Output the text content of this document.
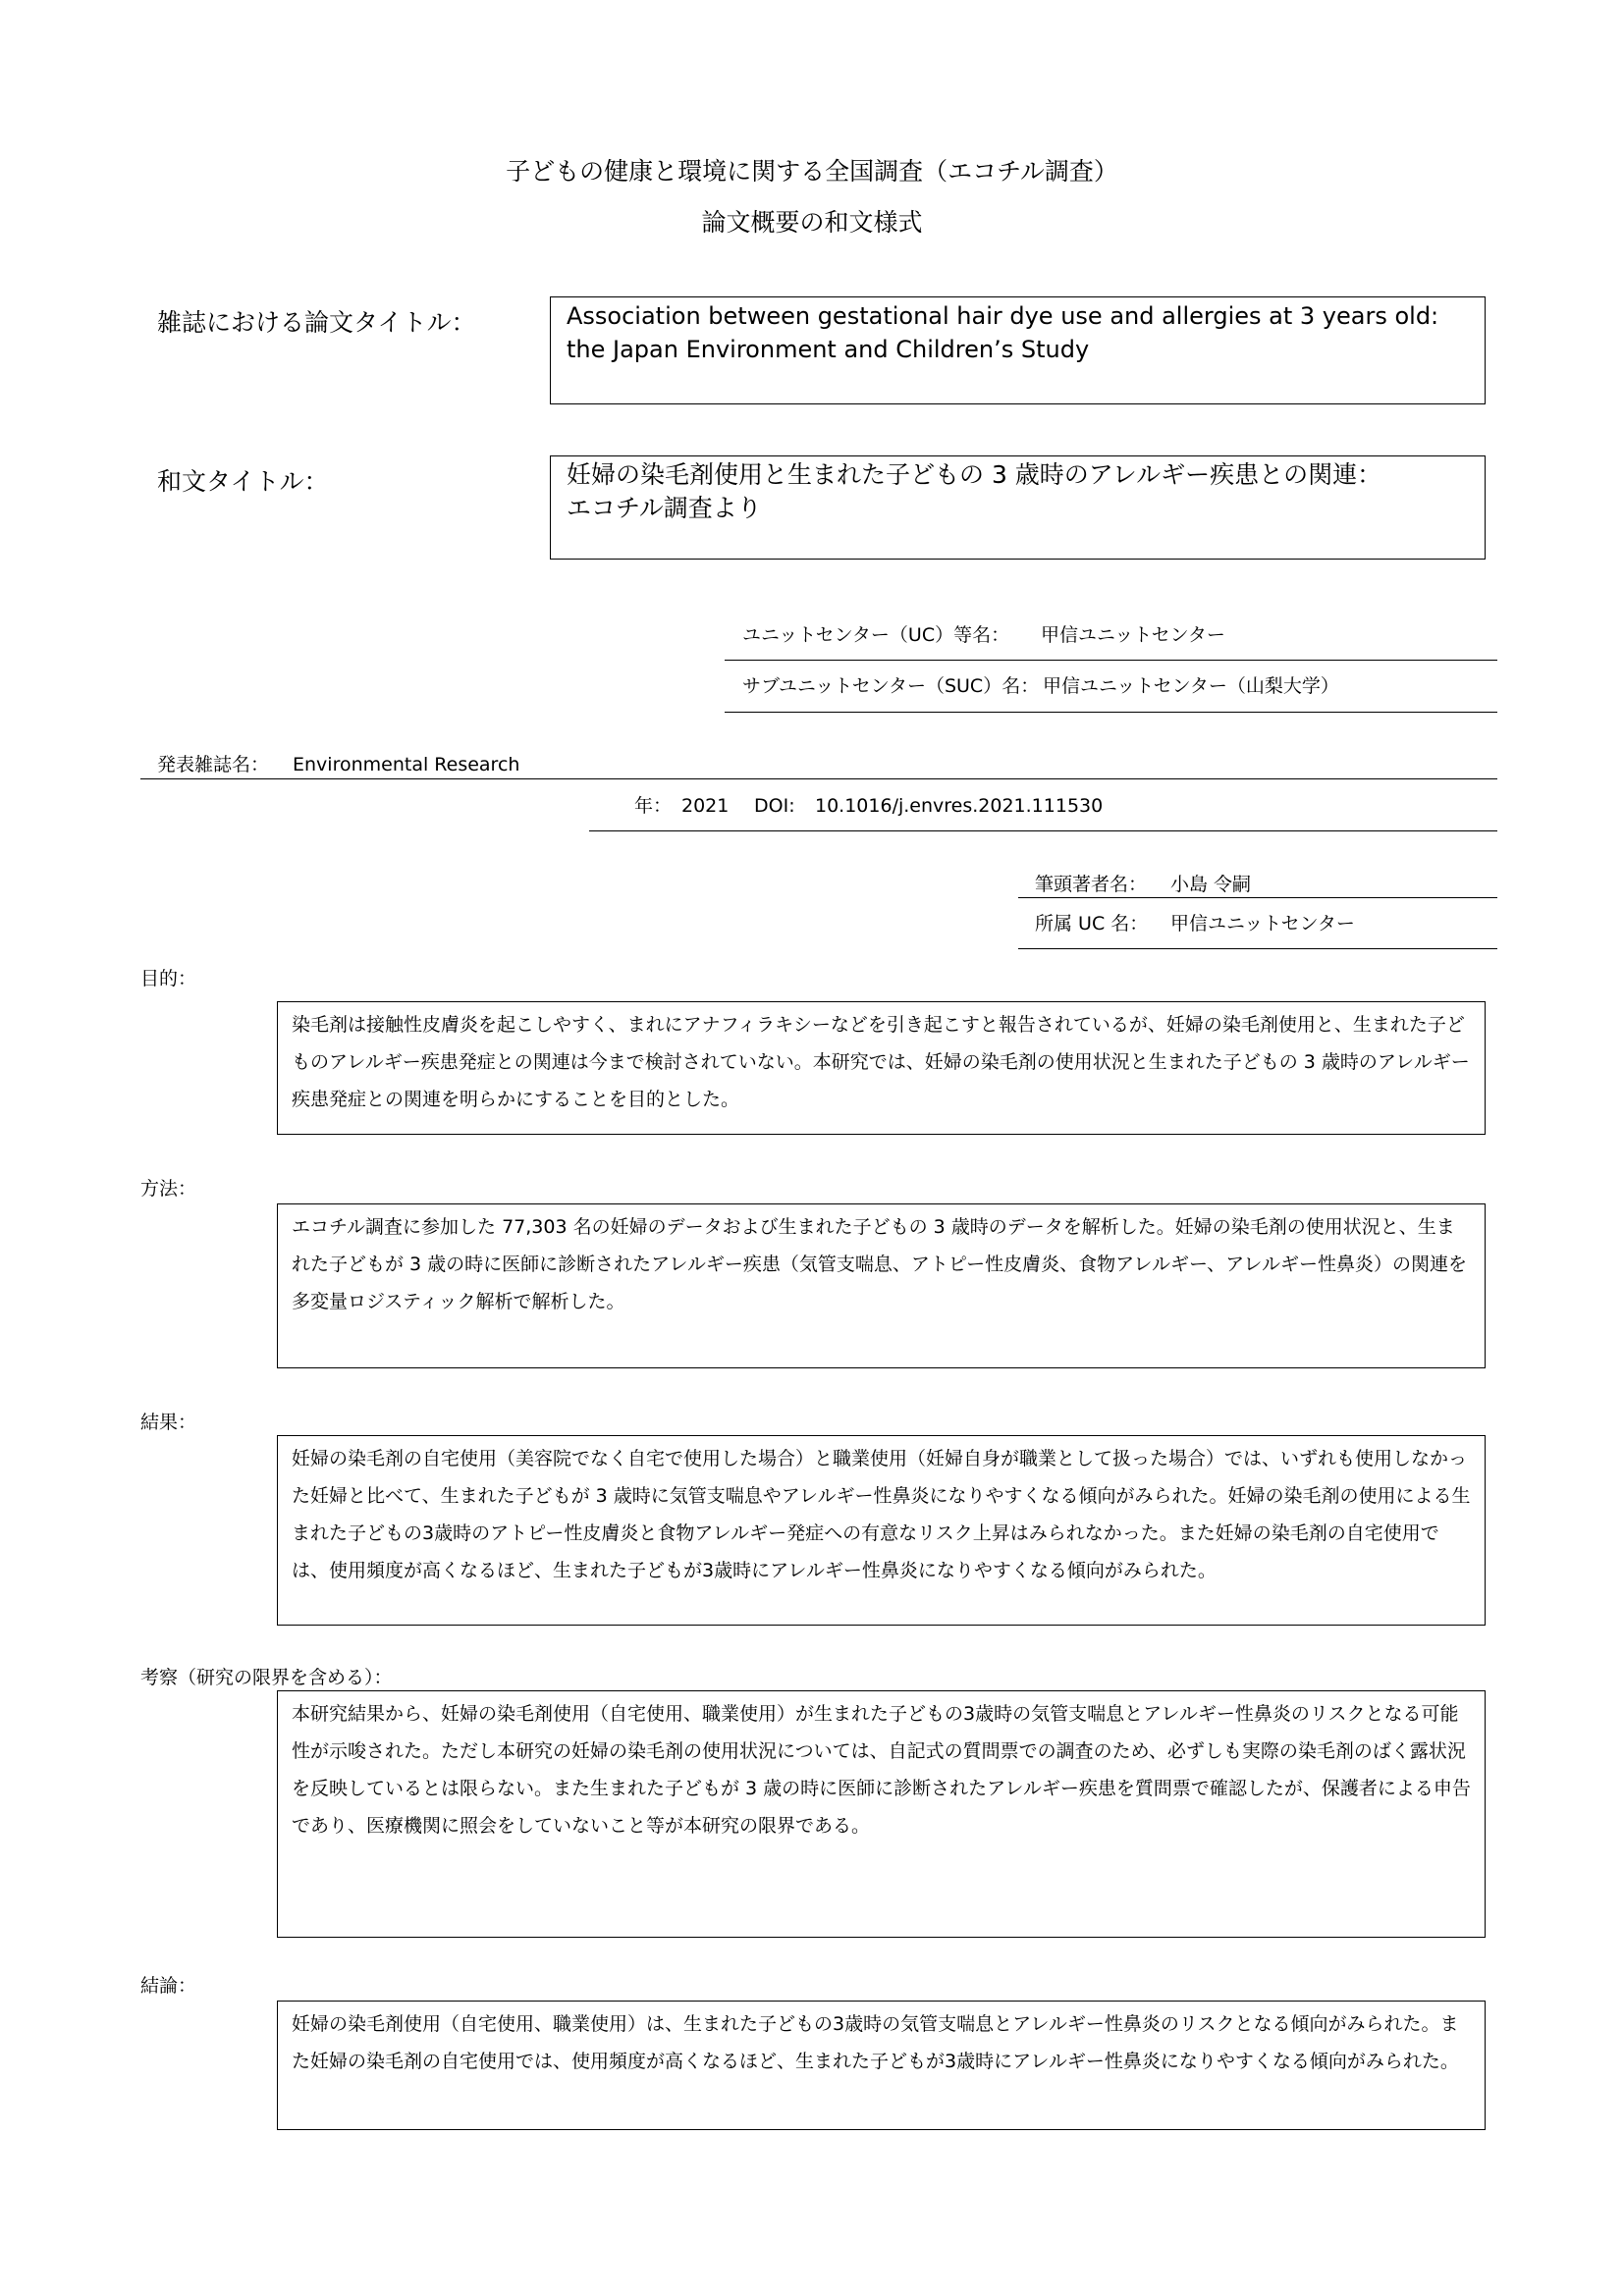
子どもの健康と環境に関する全国調査（エコチル調査）
論文概要の和文様式
雑誌における論文タイトル：	Association between gestational hair dye use and allergies at 3 years old:
the Japan Environment and Children’s Study
和文タイトル：	妊婦の染毛剤使用と生まれた子どもの 3 歳時のアレルギー疾患との関連：
エコチル調査より
ユニットセンター（UC）等名： 甲信ユニットセンター
サブユニットセンター（SUC）名： 甲信ユニットセンター（山梨大学）
発表雑誌名： Environmental Research
年： 2021 DOI: 10.1016/j.envres.2021.111530
筆頭著者名： 小島 令嗣
所属 UC 名： 甲信ユニットセンター
目的：
染毛剤は接触性皮膚炎を起こしやすく、まれにアナフィラキシーなどを引き起こすと報告されているが、妊婦の染毛剤使用と、生まれた子どものアレルギー疾患発症との関連は今まで検討されていない。本研究では、妊婦の染毛剤の使用状況と生まれた子どもの 3 歳時のアレルギー疾患発症との関連を明らかにすることを目的とした。
方法：
エコチル調査に参加した 77,303 名の妊婦のデータおよび生まれた子どもの 3 歳時のデータを解析した。妊婦の染毛剤の使用状況と、生まれた子どもが 3 歳の時に医師に診断されたアレルギー疾患（気管支喘息、アトピー性皮膚炎、食物アレルギー、アレルギー性鼻炎）の関連を多変量ロジスティック解析で解析した。
結果：
妊婦の染毛剤の自宅使用（美容院でなく自宅で使用した場合）と職業使用（妊婦自身が職業として扱った場合）では、いずれも使用しなかった妊婦と比べて、生まれた子どもが 3 歳時に気管支喘息やアレルギー性鼻炎になりやすくなる傾向がみられた。妊婦の染毛剤の使用による生まれた子どもの3歳時のアトピー性皮膚炎と食物アレルギー発症への有意なリスク上昇はみられなかった。また妊婦の染毛剤の自宅使用では、使用頻度が高くなるほど、生まれた子どもが3歳時にアレルギー性鼻炎になりやすくなる傾向がみられた。
考察（研究の限界を含める）：
本研究結果から、妊婦の染毛剤使用（自宅使用、職業使用）が生まれた子どもの3歳時の気管支喘息とアレルギー性鼻炎のリスクとなる可能性が示唆された。ただし本研究の妊婦の染毛剤の使用状況については、自記式の質問票での調査のため、必ずしも実際の染毛剤のばく露状況を反映しているとは限らない。また生まれた子どもが 3 歳の時に医師に診断されたアレルギー疾患を質問票で確認したが、保護者による申告であり、医療機関に照会をしていないこと等が本研究の限界である。
結論：
妊婦の染毛剤使用（自宅使用、職業使用）は、生まれた子どもの3歳時の気管支喘息とアレルギー性鼻炎のリスクとなる傾向がみられた。また妊婦の染毛剤の自宅使用では、使用頻度が高くなるほど、生まれた子どもが3歳時にアレルギー性鼻炎になりやすくなる傾向がみられた。
